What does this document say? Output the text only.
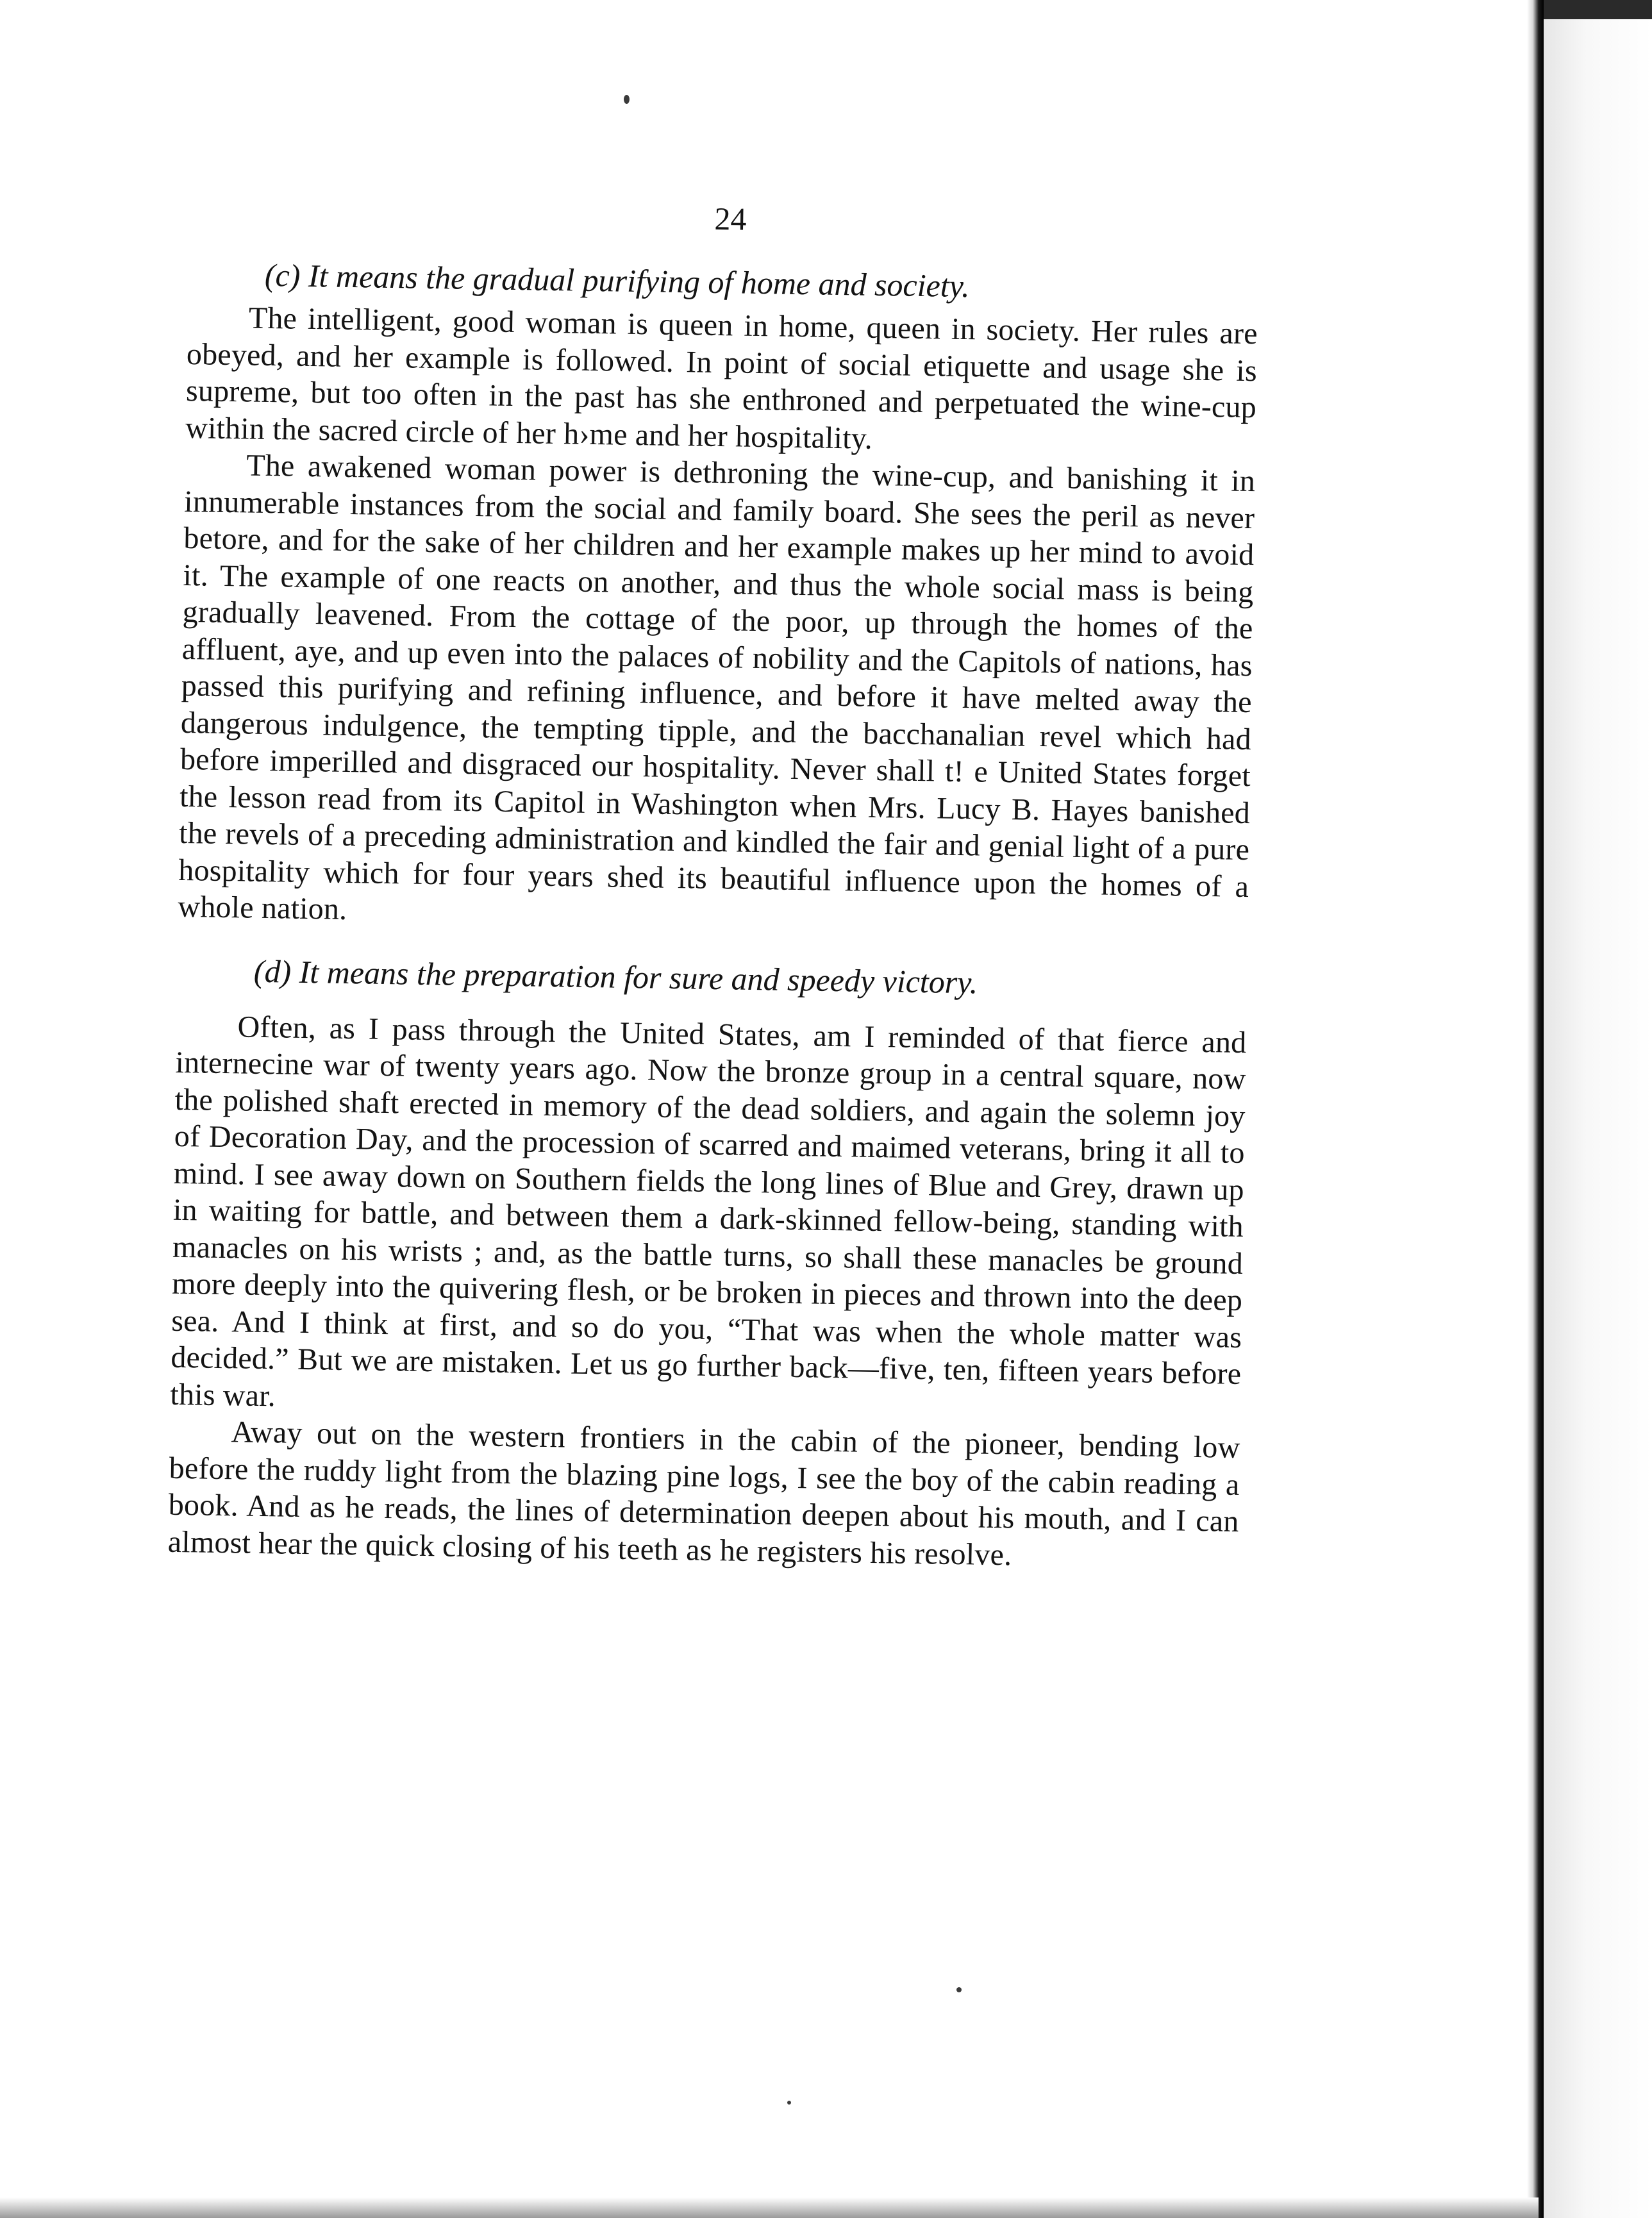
24
(c) It means the gradual purifying of home and society.

The intelligent, good woman is queen in home, queen in society. Her rules are obeyed, and her example is followed. In point of social etiquette and usage she is supreme, but too often in the past has she enthroned and perpetuated the wine-cup within the sacred circle of her h›me and her hospitality.

The awakened woman power is dethroning the wine-cup, and banishing it in innumerable instances from the social and family board. She sees the peril as never betore, and for the sake of her children and her example makes up her mind to avoid it. The example of one reacts on another, and thus the whole social mass is being gradually leavened. From the cottage of the poor, up through the homes of the affluent, aye, and up even into the palaces of nobility and the Capitols of nations, has passed this purifying and refining influence, and before it have melted away the dangerous indulgence, the tempting tipple, and the bacchanalian revel which had before imperilled and disgraced our hospitality. Never shall t! e United States forget the lesson read from its Capitol in Washington when Mrs. Lucy B. Hayes banished the revels of a preceding administration and kindled the fair and genial light of a pure hospitality which for four years shed its beautiful influence upon the homes of a whole nation.

(d) It means the preparation for sure and speedy victory.

Often, as I pass through the United States, am I reminded of that fierce and internecine war of twenty years ago. Now the bronze group in a central square, now the polished shaft erected in memory of the dead soldiers, and again the solemn joy of Decoration Day, and the procession of scarred and maimed veterans, bring it all to mind. I see away down on Southern fields the long lines of Blue and Grey, drawn up in waiting for battle, and between them a dark-skinned fellow-being, standing with manacles on his wrists ; and, as the battle turns, so shall these manacles be ground more deeply into the quivering flesh, or be broken in pieces and thrown into the deep sea. And I think at first, and so do you, “That was when the whole matter was decided.” But we are mistaken. Let us go further back—five, ten, fifteen years before this war.

Away out on the western frontiers in the cabin of the pioneer, bending low before the ruddy light from the blazing pine logs, I see the boy of the cabin reading a book. And as he reads, the lines of determination deepen about his mouth, and I can almost hear the quick closing of his teeth as he registers his resolve.
